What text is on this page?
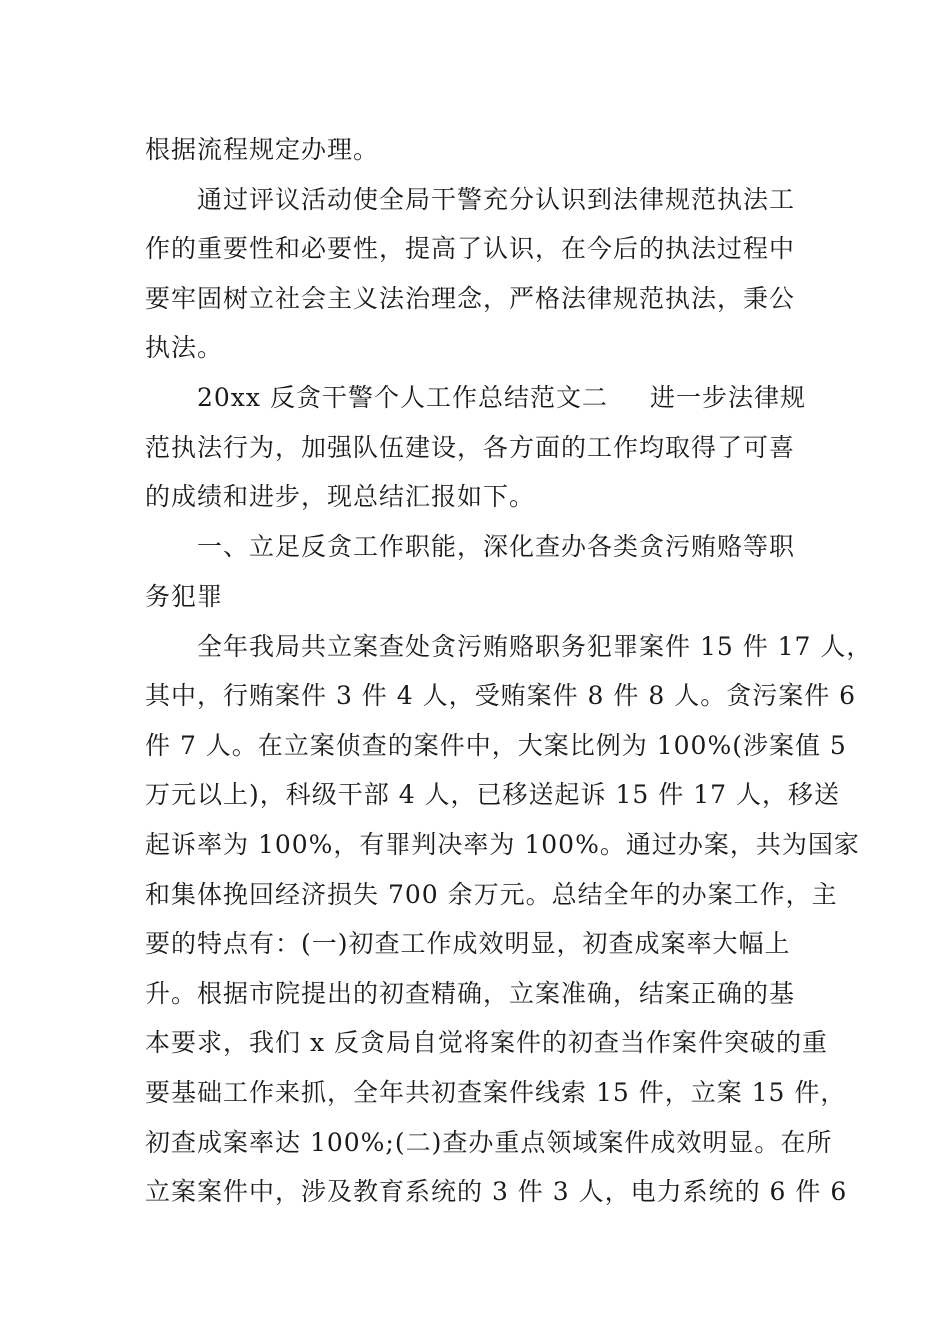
根据流程规定办理。
通过评议活动使全局干警充分认识到法律规范执法工
作的重要性和必要性，提高了认识，在今后的执法过程中
要牢固树立社会主义法治理念，严格法律规范执法，秉公
执法。
20xx 反贪干警个人工作总结范文二	进一步法律规
范执法行为，加强队伍建设，各方面的工作均取得了可喜
的成绩和进步，现总结汇报如下。
一、立足反贪工作职能，深化查办各类贪污贿赂等职
务犯罪
全年我局共立案查处贪污贿赂职务犯罪案件 15 件 17 人，
其中，行贿案件 3 件 4 人，受贿案件 8 件 8 人。贪污案件 6
件 7 人。在立案侦查的案件中，大案比例为 100%(涉案值 5
万元以上)，科级干部 4 人，已移送起诉 15 件 17 人，移送
起诉率为 100%，有罪判决率为 100%。通过办案，共为国家
和集体挽回经济损失 700 余万元。总结全年的办案工作，主
要的特点有：(一)初查工作成效明显，初查成案率大幅上
升。根据市院提出的初查精确，立案准确，结案正确的基
本要求，我们 x 反贪局自觉将案件的初查当作案件突破的重
要基础工作来抓，全年共初查案件线索 15 件，立案 15 件，
初查成案率达 100%;(二)查办重点领域案件成效明显。在所
立案案件中，涉及教育系统的 3 件 3 人，电力系统的 6 件 6
